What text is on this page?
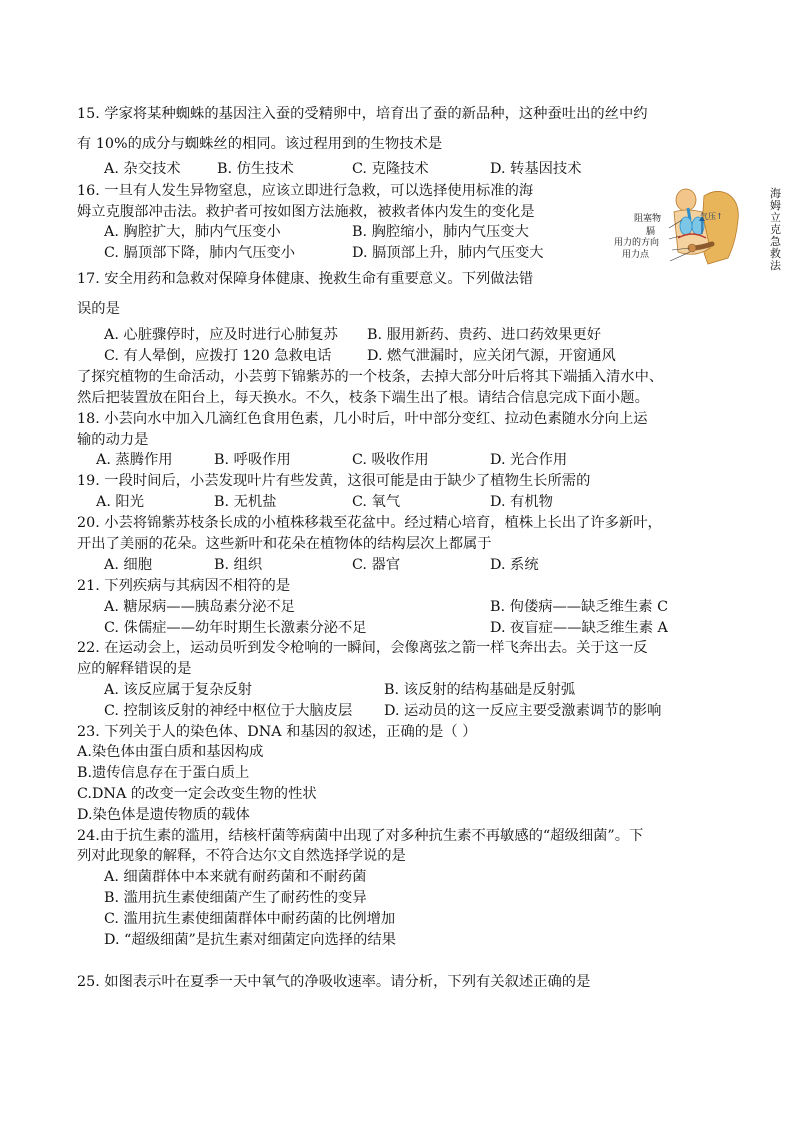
15. 学家将某种蜘蛛的基因注入蚕的受精卵中，培育出了蚕的新品种，这种蚕吐出的丝中约
有 10%的成分与蜘蛛丝的相同。该过程用到的生物技术是
A. 杂交技术	B. 仿生技术	C. 克隆技术	D. 转基因技术
16. 一旦有人发生异物窒息，应该立即进行急救，可以选择使用标准的海
姆立克腹部冲击法。救护者可按如图方法施救，被救者体内发生的变化是
A. 胸腔扩大，肺内气压变小	B. 胸腔缩小，肺内气压变大
C. 膈顶部下降，肺内气压变小	D. 膈顶部上升，肺内气压变大
阻塞物
膈
用力的方向
用力点
气压↑
海姆立克急救法
17. 安全用药和急救对保障身体健康、挽救生命有重要意义。下列做法错
误的是
A. 心脏骤停时，应及时进行心肺复苏 B. 服用新药、贵药、进口药效果更好
C. 有人晕倒，应拨打 120 急救电话 D. 燃气泄漏时，应关闭气源，开窗通风
了探究植物的生命活动，小芸剪下锦紫苏的一个枝条，去掉大部分叶后将其下端插入清水中、
然后把装置放在阳台上，每天换水。不久，枝条下端生出了根。请结合信息完成下面小题。
18. 小芸向水中加入几滴红色食用色素，几小时后，叶中部分变红、拉动色素随水分向上运
输的动力是
A. 蒸腾作用	B. 呼吸作用	C. 吸收作用	D. 光合作用
19. 一段时间后，小芸发现叶片有些发黄，这很可能是由于缺少了植物生长所需的
A. 阳光	B. 无机盐	C. 氧气	D. 有机物
20. 小芸将锦紫苏枝条长成的小植株移栽至花盆中。经过精心培育，植株上长出了许多新叶，
开出了美丽的花朵。这些新叶和花朵在植物体的结构层次上都属于
A. 细胞	B. 组织	C. 器官	D. 系统
21. 下列疾病与其病因不相符的是
A. 糖尿病——胰岛素分泌不足	B. 佝偻病——缺乏维生素 C
C. 侏儒症——幼年时期生长激素分泌不足	D. 夜盲症——缺乏维生素 A
22. 在运动会上，运动员听到发令枪响的一瞬间，会像离弦之箭一样飞奔出去。关于这一反
应的解释错误的是
A. 该反应属于复杂反射	B. 该反射的结构基础是反射弧
C. 控制该反射的神经中枢位于大脑皮层 D. 运动员的这一反应主要受激素调节的影响
23. 下列关于人的染色体、DNA 和基因的叙述，正确的是（ ）
A.染色体由蛋白质和基因构成
B.遗传信息存在于蛋白质上
C.DNA 的改变一定会改变生物的性状
D.染色体是遗传物质的载体
24.由于抗生素的滥用，结核杆菌等病菌中出现了对多种抗生素不再敏感的“超级细菌”。下
列对此现象的解释，不符合达尔文自然选择学说的是
A. 细菌群体中本来就有耐药菌和不耐药菌
B. 滥用抗生素使细菌产生了耐药性的变异
C. 滥用抗生素使细菌群体中耐药菌的比例增加
D. “超级细菌”是抗生素对细菌定向选择的结果
25. 如图表示叶在夏季一天中氧气的净吸收速率。请分析，下列有关叙述正确的是
